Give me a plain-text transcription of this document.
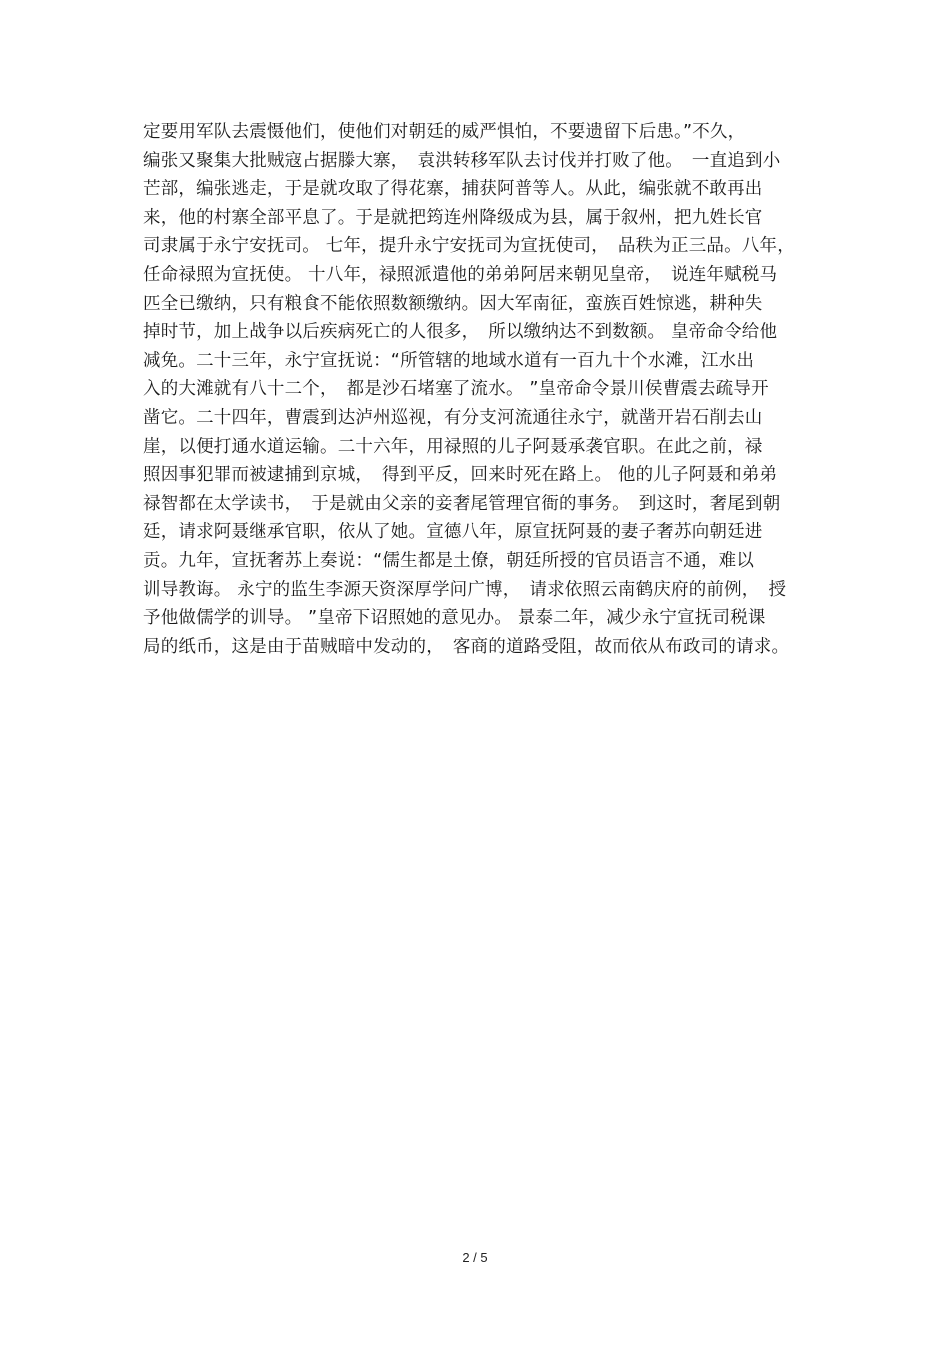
定要用军队去震慑他们，使他们对朝廷的威严惧怕，不要遗留下后患。”不久，
编张又聚集大批贼寇占据滕大寨，　袁洪转移军队去讨伐并打败了他。　一直追到小
芒部，编张逃走，于是就攻取了得花寨，捕获阿普等人。从此，编张就不敢再出
来，他的村寨全部平息了。于是就把筠连州降级成为县，属于叙州，把九姓长官
司隶属于永宁安抚司。 七年，提升永宁安抚司为宣抚使司，　品秩为正三品。八年，
任命禄照为宣抚使。 十八年，禄照派遣他的弟弟阿居来朝见皇帝，　说连年赋税马
匹全已缴纳，只有粮食不能依照数额缴纳。因大军南征，蛮族百姓惊逃，耕种失
掉时节，加上战争以后疾病死亡的人很多，　所以缴纳达不到数额。 皇帝命令给他
减免。二十三年，永宁宣抚说：“所管辖的地域水道有一百九十个水滩，江水出
入的大滩就有八十二个，　都是沙石堵塞了流水。 ”皇帝命令景川侯曹震去疏导开
凿它。二十四年，曹震到达泸州巡视，有分支河流通往永宁，就凿开岩石削去山
崖，以便打通水道运输。二十六年，用禄照的儿子阿聂承袭官职。在此之前，禄
照因事犯罪而被逮捕到京城，　得到平反，回来时死在路上。 他的儿子阿聂和弟弟
禄智都在太学读书，　于是就由父亲的妾奢尾管理官衙的事务。　到这时，奢尾到朝
廷，请求阿聂继承官职，依从了她。宣德八年，原宣抚阿聂的妻子奢苏向朝廷进
贡。九年，宣抚奢苏上奏说：“儒生都是土僚，朝廷所授的官员语言不通，难以
训导教诲。 永宁的监生李源天资深厚学问广博，　请求依照云南鹤庆府的前例，　授
予他做儒学的训导。 ”皇帝下诏照她的意见办。 景泰二年，减少永宁宣抚司税课
局的纸币，这是由于苗贼暗中发动的，　客商的道路受阻，故而依从布政司的请求。
2 / 5
